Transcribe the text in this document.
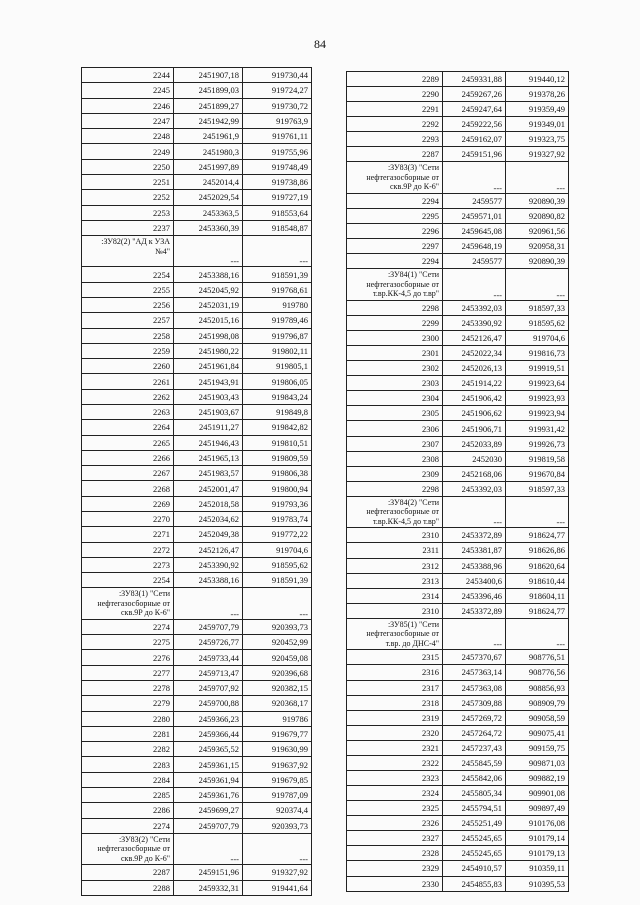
84
2244	2451907,18	919730,44
2245	2451899,03	919724,27
2246	2451899,27	919730,72
2247	2451942,99	919763,9
2248	2451961,9	919761,11
2249	2451980,3	919755,96
2250	2451997,89	919748,49
2251	2452014,4	919738,86
2252	2452029,54	919727,19
2253	2453363,5	918553,64
2237	2453360,39	918548,87
:ЗУ82(2) "АД к УЗА №4"	---	---
2254	2453388,16	918591,39
2255	2452045,92	919768,61
2256	2452031,19	919780
2257	2452015,16	919789,46
2258	2451998,08	919796,87
2259	2451980,22	919802,11
2260	2451961,84	919805,1
2261	2451943,91	919806,05
2262	2451903,43	919843,24
2263	2451903,67	919849,8
2264	2451911,27	919842,82
2265	2451946,43	919810,51
2266	2451965,13	919809,59
2267	2451983,57	919806,38
2268	2452001,47	919800,94
2269	2452018,58	919793,36
2270	2452034,62	919783,74
2271	2452049,38	919772,22
2272	2452126,47	919704,6
2273	2453390,92	918595,62
2254	2453388,16	918591,39
:ЗУ83(1) "Сети нефтегазосборные от скв.9Р до К-6"	---	---
2274	2459707,79	920393,73
2275	2459726,77	920452,99
2276	2459733,44	920459,08
2277	2459713,47	920396,68
2278	2459707,92	920382,15
2279	2459700,88	920368,17
2280	2459366,23	919786
2281	2459366,44	919679,77
2282	2459365,52	919630,99
2283	2459361,15	919637,92
2284	2459361,94	919679,85
2285	2459361,76	919787,09
2286	2459699,27	920374,4
2274	2459707,79	920393,73
:ЗУ83(2) "Сети нефтегазосборные от скв.9Р до К-6"	---	---
2287	2459151,96	919327,92
2288	2459332,31	919441,64
2289	2459331,88	919440,12
2290	2459267,26	919378,26
2291	2459247,64	919359,49
2292	2459222,56	919349,01
2293	2459162,07	919323,75
2287	2459151,96	919327,92
:ЗУ83(3) "Сети нефтегазосборные от скв.9Р до К-6"	---	---
2294	2459577	920890,39
2295	2459571,01	920890,82
2296	2459645,08	920961,56
2297	2459648,19	920958,31
2294	2459577	920890,39
:ЗУ84(1) "Сети нефтегазосборные от т.вр.КК-4,5 до т.вр"	---	---
2298	2453392,03	918597,33
2299	2453390,92	918595,62
2300	2452126,47	919704,6
2301	2452022,34	919816,73
2302	2452026,13	919919,51
2303	2451914,22	919923,64
2304	2451906,42	919923,93
2305	2451906,62	919923,94
2306	2451906,71	919931,42
2307	2452033,89	919926,73
2308	2452030	919819,58
2309	2452168,06	919670,84
2298	2453392,03	918597,33
:ЗУ84(2) "Сети нефтегазосборные от т.вр.КК-4,5 до т.вр"	---	---
2310	2453372,89	918624,77
2311	2453381,87	918626,86
2312	2453388,96	918620,64
2313	2453400,6	918610,44
2314	2453396,46	918604,11
2310	2453372,89	918624,77
:ЗУ85(1) "Сети нефтегазосборные от т.вр. до ДНС-4"	---	---
2315	2457370,67	908776,51
2316	2457363,14	908776,56
2317	2457363,08	908856,93
2318	2457309,88	908909,79
2319	2457269,72	909058,59
2320	2457264,72	909075,41
2321	2457237,43	909159,75
2322	2455845,59	909871,03
2323	2455842,06	909882,19
2324	2455805,34	909901,08
2325	2455794,51	909897,49
2326	2455251,49	910176,08
2327	2455245,65	910179,14
2328	2455245,65	910179,13
2329	2454910,57	910359,11
2330	2454855,83	910395,53
